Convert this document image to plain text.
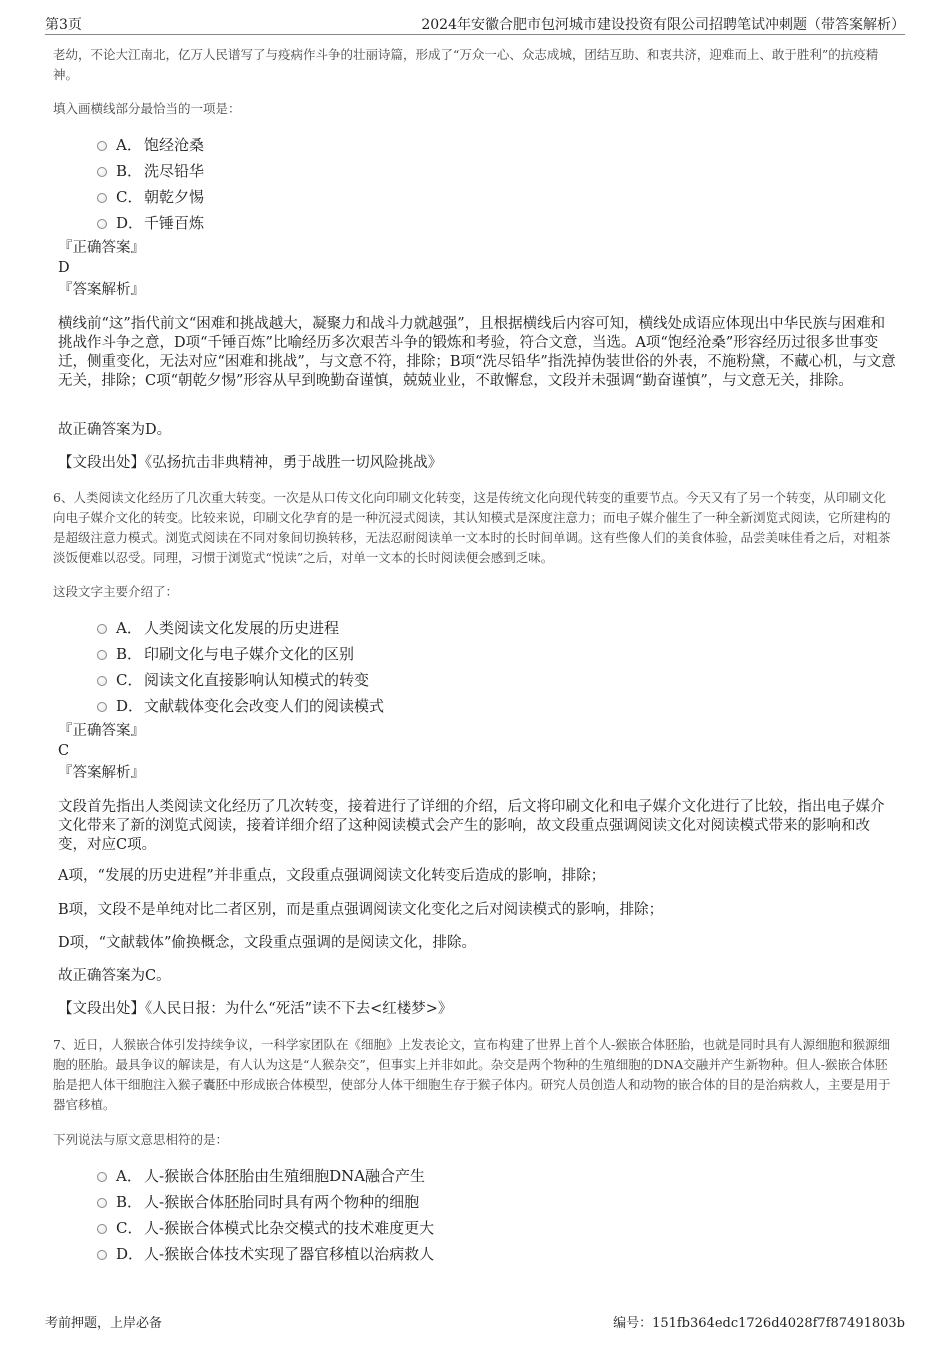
第3页	2024年安徽合肥市包河城市建设投资有限公司招聘笔试冲刺题（带答案解析）

老幼，不论大江南北，亿万人民谱写了与疫病作斗争的壮丽诗篇，形成了“万众一心、众志成城，团结互助、和衷共济，迎难而上、敢于胜利”的抗疫精神。

填入画横线部分最恰当的一项是：

A． 饱经沧桑
B． 洗尽铅华
C． 朝乾夕惕
D． 千锤百炼
『正确答案』
D
『答案解析』

横线前“这”指代前文“困难和挑战越大，凝聚力和战斗力就越强”，且根据横线后内容可知，横线处成语应体现出中华民族与困难和挑战作斗争之意，D项“千锤百炼”比喻经历多次艰苦斗争的锻炼和考验，符合文意，当选。A项“饱经沧桑”形容经历过很多世事变迁，侧重变化，无法对应“困难和挑战”，与文意不符，排除；B项“洗尽铅华”指洗掉伪装世俗的外表，不施粉黛，不藏心机，与文意无关，排除；C项“朝乾夕惕”形容从早到晚勤奋谨慎，兢兢业业，不敢懈怠，文段并未强调“勤奋谨慎”，与文意无关，排除。

故正确答案为D。
【文段出处】《弘扬抗击非典精神，勇于战胜一切风险挑战》

6、人类阅读文化经历了几次重大转变。一次是从口传文化向印刷文化转变，这是传统文化向现代转变的重要节点。今天又有了另一个转变，从印刷文化向电子媒介文化的转变。比较来说，印刷文化孕育的是一种沉浸式阅读，其认知模式是深度注意力；而电子媒介催生了一种全新浏览式阅读，它所建构的是超级注意力模式。浏览式阅读在不同对象间切换转移，无法忍耐阅读单一文本时的长时间单调。这有些像人们的美食体验，品尝美味佳肴之后，对粗茶淡饭便难以忍受。同理，习惯于浏览式“悦读”之后，对单一文本的长时阅读便会感到乏味。

这段文字主要介绍了：

A． 人类阅读文化发展的历史进程
B． 印刷文化与电子媒介文化的区别
C． 阅读文化直接影响认知模式的转变
D． 文献载体变化会改变人们的阅读模式
『正确答案』
C
『答案解析』

文段首先指出人类阅读文化经历了几次转变，接着进行了详细的介绍，后文将印刷文化和电子媒介文化进行了比较，指出电子媒介文化带来了新的浏览式阅读，接着详细介绍了这种阅读模式会产生的影响，故文段重点强调阅读文化对阅读模式带来的影响和改变，对应C项。

A项，“发展的历史进程”并非重点，文段重点强调阅读文化转变后造成的影响，排除；
B项，文段不是单纯对比二者区别，而是重点强调阅读文化变化之后对阅读模式的影响，排除；
D项，“文献载体”偷换概念，文段重点强调的是阅读文化，排除。
故正确答案为C。
【文段出处】《人民日报：为什么“死活”读不下去<红楼梦>》

7、近日，人猴嵌合体引发持续争议，一科学家团队在《细胞》上发表论文，宣布构建了世界上首个人-猴嵌合体胚胎，也就是同时具有人源细胞和猴源细胞的胚胎。最具争议的解读是，有人认为这是“人猴杂交”，但事实上并非如此。杂交是两个物种的生殖细胞的DNA交融并产生新物种。但人-猴嵌合体胚胎是把人体干细胞注入猴子囊胚中形成嵌合体模型，使部分人体干细胞生存于猴子体内。研究人员创造人和动物的嵌合体的目的是治病救人，主要是用于器官移植。

下列说法与原文意思相符的是：

A． 人-猴嵌合体胚胎由生殖细胞DNA融合产生
B． 人-猴嵌合体胚胎同时具有两个物种的细胞
C． 人-猴嵌合体模式比杂交模式的技术难度更大
D． 人-猴嵌合体技术实现了器官移植以治病救人
考前押题，上岸必备	编号：151fb364edc1726d4028f7f87491803b
